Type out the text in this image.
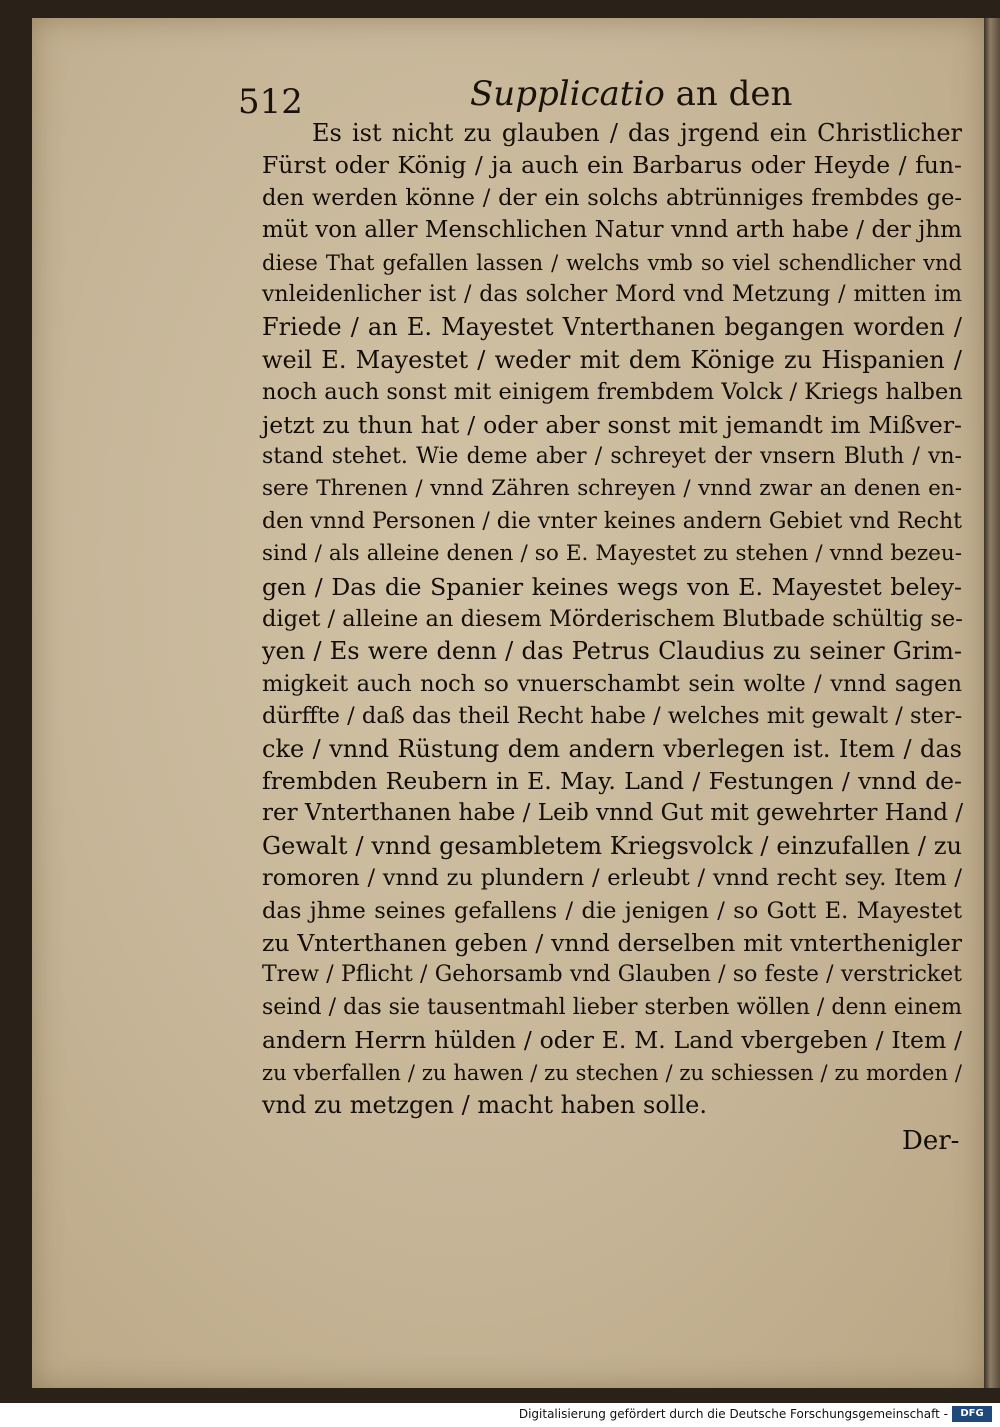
512	Supplicatio an den
Es ist nicht zu glauben / das jrgend ein Christlicher
Fürst oder König / ja auch ein Barbarus oder Heyde / fun-
den werden könne / der ein solchs abtrünniges frembdes ge-
müt von aller Menschlichen Natur vnnd arth habe / der jhm
diese That gefallen lassen / welchs vmb so viel schendlicher vnd
vnleidenlicher ist / das solcher Mord vnd Metzung / mitten im
Friede / an E. Mayestet Vnterthanen begangen worden /
weil E. Mayestet / weder mit dem Könige zu Hispanien /
noch auch sonst mit einigem frembdem Volck / Kriegs halben
jetzt zu thun hat / oder aber sonst mit jemandt im Mißver-
stand stehet. Wie deme aber / schreyet der vnsern Bluth / vn-
sere Threnen / vnnd Zähren schreyen / vnnd zwar an denen en-
den vnnd Personen / die vnter keines andern Gebiet vnd Recht
sind / als alleine denen / so E. Mayestet zu stehen / vnnd bezeu-
gen / Das die Spanier keines wegs von E. Mayestet beley-
diget / alleine an diesem Mörderischem Blutbade schültig se-
yen / Es were denn / das Petrus Claudius zu seiner Grim-
migkeit auch noch so vnuerschambt sein wolte / vnnd sagen
dürffte / daß das theil Recht habe / welches mit gewalt / ster-
cke / vnnd Rüstung dem andern vberlegen ist. Item / das
frembden Reubern in E. May. Land / Festungen / vnnd de-
rer Vnterthanen habe / Leib vnnd Gut mit gewehrter Hand /
Gewalt / vnnd gesambletem Kriegsvolck / einzufallen / zu
romoren / vnnd zu plundern / erleubt / vnnd recht sey. Item /
das jhme seines gefallens / die jenigen / so Gott E. Mayestet
zu Vnterthanen geben / vnnd derselben mit vnterthenigler
Trew / Pflicht / Gehorsamb vnd Glauben / so feste / verstricket
seind / das sie tausentmahl lieber sterben wöllen / denn einem
andern Herrn hülden / oder E. M. Land vbergeben / Item /
zu vberfallen / zu hawen / zu stechen / zu schiessen / zu morden /
vnd zu metzgen / macht haben solle.
Der-
Digitalisierung gefördert durch die Deutsche Forschungsgemeinschaft -	DFG
